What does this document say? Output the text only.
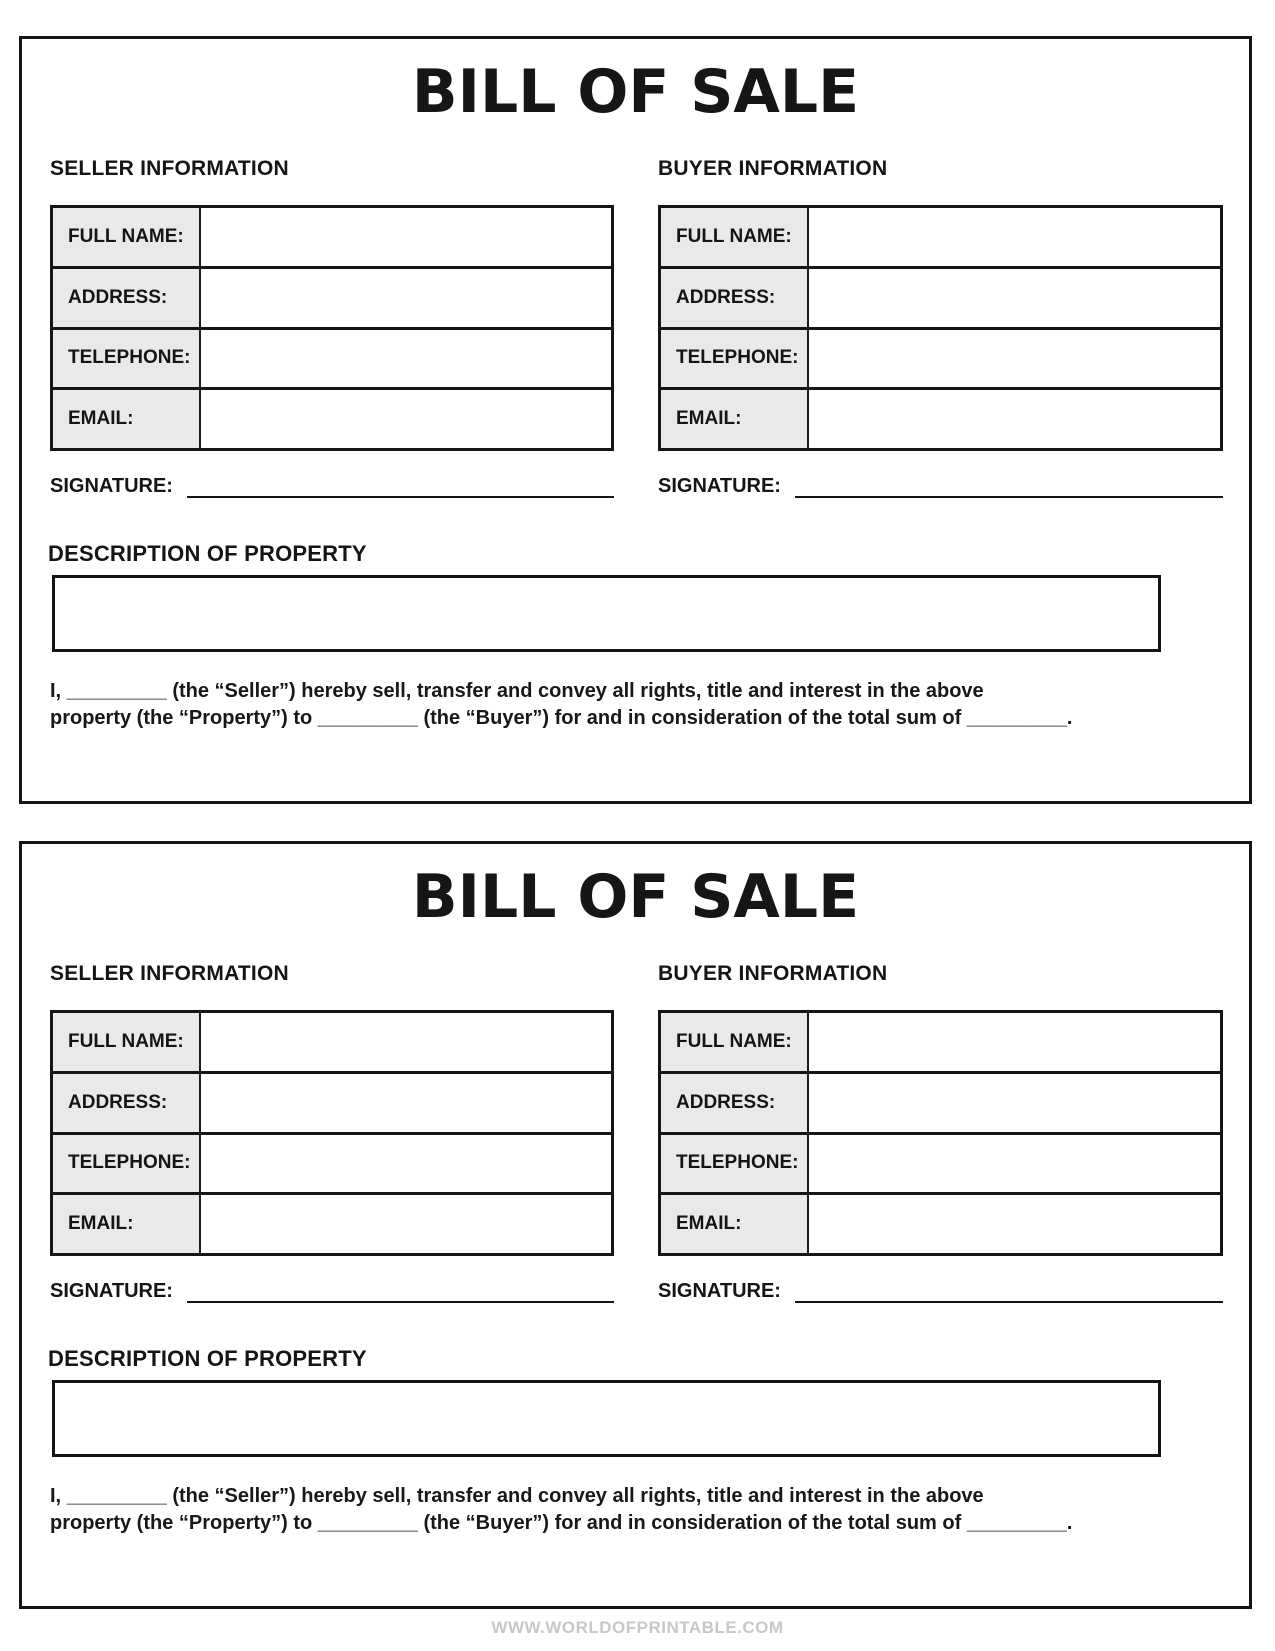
BILL OF SALE
SELLER INFORMATION	BUYER INFORMATION
FULL NAME:
ADDRESS:
TELEPHONE:
EMAIL:
FULL NAME:
ADDRESS:
TELEPHONE:
EMAIL:
SIGNATURE:	SIGNATURE:
DESCRIPTION OF PROPERTY
I, _________ (the “Seller”) hereby sell, transfer and convey all rights, title and interest in the above
property (the “Property”) to _________ (the “Buyer”) for and in consideration of the total sum of _________.
BILL OF SALE
SELLER INFORMATION	BUYER INFORMATION
FULL NAME:
ADDRESS:
TELEPHONE:
EMAIL:
FULL NAME:
ADDRESS:
TELEPHONE:
EMAIL:
SIGNATURE:	SIGNATURE:
DESCRIPTION OF PROPERTY
I, _________ (the “Seller”) hereby sell, transfer and convey all rights, title and interest in the above
property (the “Property”) to _________ (the “Buyer”) for and in consideration of the total sum of _________.
WWW.WORLDOFPRINTABLE.COM
